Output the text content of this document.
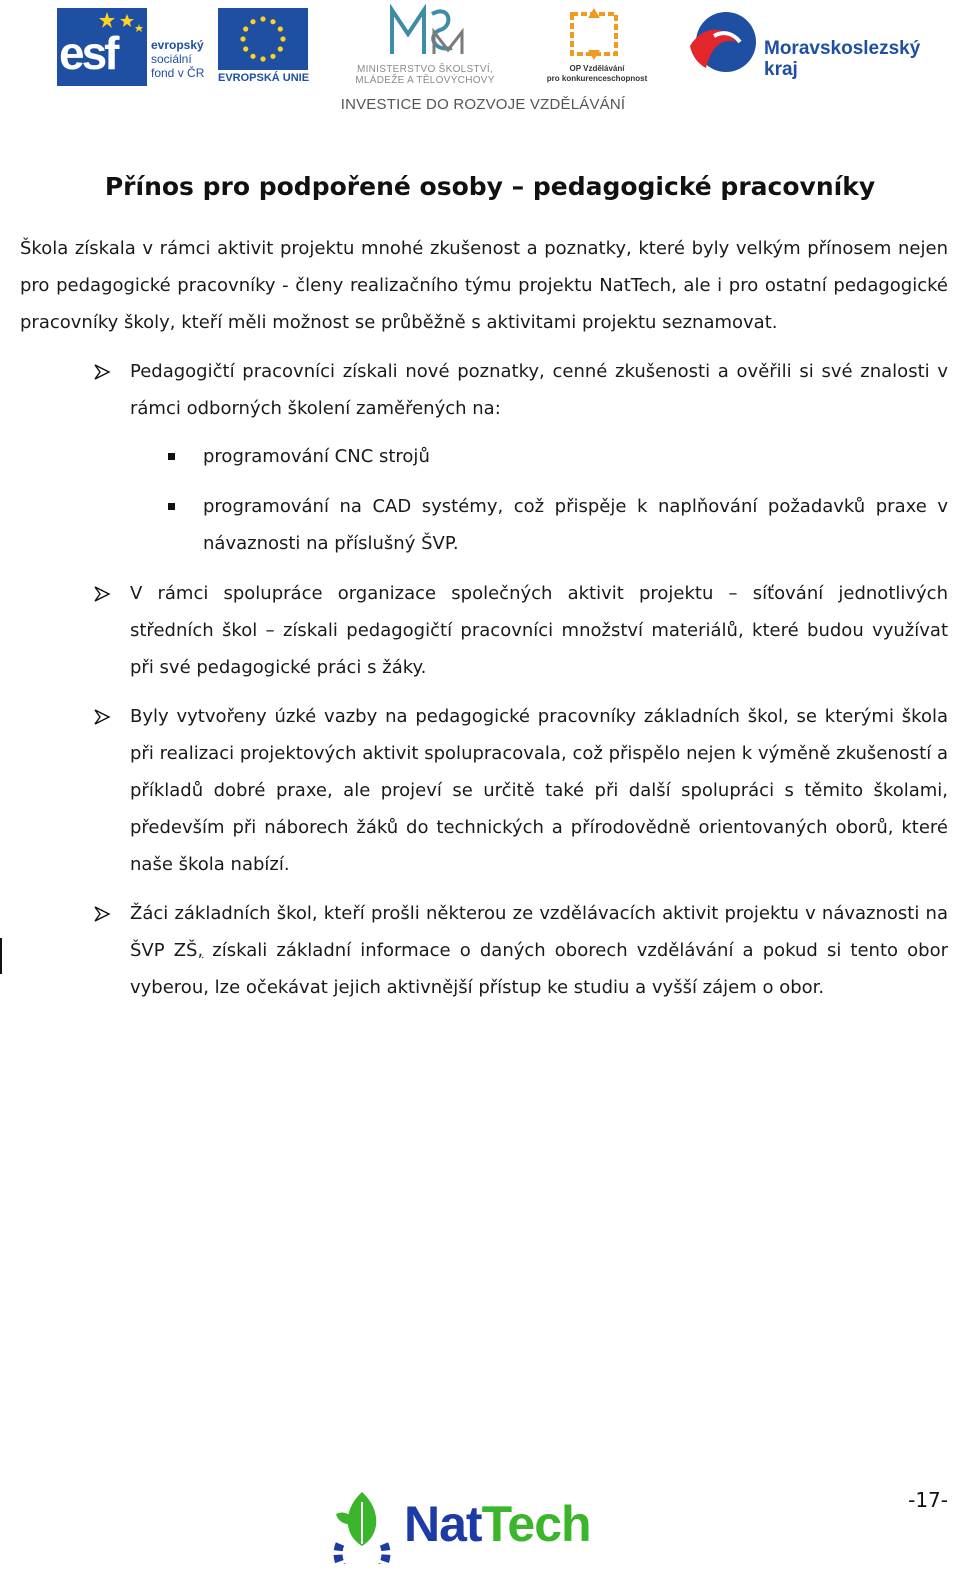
esf	evropský
sociální
fond v ČR	EVROPSKÁ UNIE
MINISTERSTVO ŠKOLSTVÍ,
MLÁDEŽE A TĚLOVÝCHOVY
OP Vzdělávání
pro konkurenceschopnost
Moravskoslezský
kraj
INVESTICE DO ROZVOJE VZDĚLÁVÁNÍ
Přínos pro podpořené osoby – pedagogické pracovníky

Škola získala v rámci aktivit projektu mnohé zkušenost a poznatky, které byly velkým přínosem nejen pro pedagogické pracovníky - členy realizačního týmu projektu NatTech, ale i pro ostatní pedagogické pracovníky školy, kteří měli možnost se průběžně s aktivitami projektu seznamovat.

Pedagogičtí pracovníci získali nové poznatky, cenné zkušenosti a ověřili si své znalosti v rámci odborných školení zaměřených na:

programování CNC strojů

programování na CAD systémy, což přispěje k naplňování požadavků praxe v návaznosti na příslušný ŠVP.

V rámci spolupráce organizace společných aktivit projektu – síťování jednotlivých středních škol – získali pedagogičtí pracovníci množství materiálů, které budou využívat při své pedagogické práci s žáky.

Byly vytvořeny úzké vazby na pedagogické pracovníky základních škol, se kterými škola při realizaci projektových aktivit spolupracovala, což přispělo nejen k výměně zkušeností a příkladů dobré praxe, ale projeví se určitě také při další spolupráci s těmito školami, především při náborech žáků do technických a přírodovědně orientovaných oborů, které naše škola nabízí.

Žáci základních škol, kteří prošli některou ze vzdělávacích aktivit projektu v návaznosti na ŠVP ZŠ, získali základní informace o daných oborech vzdělávání a pokud si tento obor vyberou, lze očekávat jejich aktivnější přístup ke studiu a vyšší zájem o obor.

NatTech	-17-
